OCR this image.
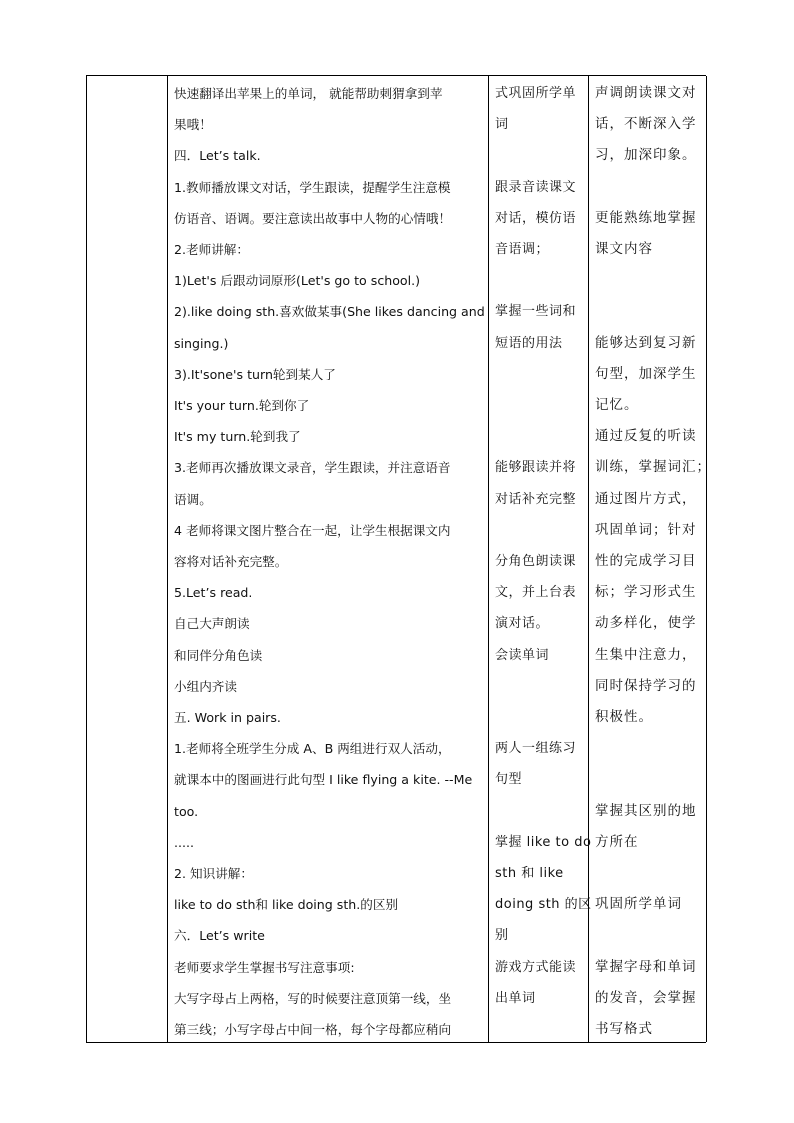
快速翻译出苹果上的单词， 就能帮助刺猬拿到苹
果哦！
四．Let’s talk.
1.教师播放课文对话，学生跟读，提醒学生注意模
仿语音、语调。要注意读出故事中人物的心情哦！
2.老师讲解：
1)Let's 后跟动词原形(Let's go to school.)
2).like doing sth.喜欢做某事(She likes dancing and
singing.)
3).It'sone's turn轮到某人了
It's your turn.轮到你了
It's my turn.轮到我了
3.老师再次播放课文录音，学生跟读，并注意语音
语调。
4 老师将课文图片整合在一起，让学生根据课文内
容将对话补充完整。
5.Let’s read.
自己大声朗读
和同伴分角色读
小组内齐读
五. Work in pairs.
1.老师将全班学生分成 A、B 两组进行双人活动，
就课本中的图画进行此句型 I like flying a kite. --Me
too.
.....
2. 知识讲解：
like to do sth和 like doing sth.的区别
六．Let’s write
老师要求学生掌握书写注意事项:
大写字母占上两格，写的时候要注意顶第一线，坐
第三线；小写字母占中间一格，每个字母都应稍向
式巩固所学单
词
跟录音读课文
对话，模仿语
音语调；
掌握一些词和
短语的用法
能够跟读并将
对话补充完整
分角色朗读课
文，并上台表
演对话。
会读单词
两人一组练习
句型
掌握 like to do
sth 和 like
doing sth 的区
别
游戏方式能读
出单词
声调朗读课文对
话，不断深入学
习，加深印象。
更能熟练地掌握
课文内容
能够达到复习新
句型，加深学生
记忆。
通过反复的听读
训练，掌握词汇；
通过图片方式，
巩固单词；针对
性的完成学习目
标；学习形式生
动多样化，使学
生集中注意力，
同时保持学习的
积极性。
掌握其区别的地
方所在
巩固所学单词
掌握字母和单词
的发音，会掌握
书写格式
